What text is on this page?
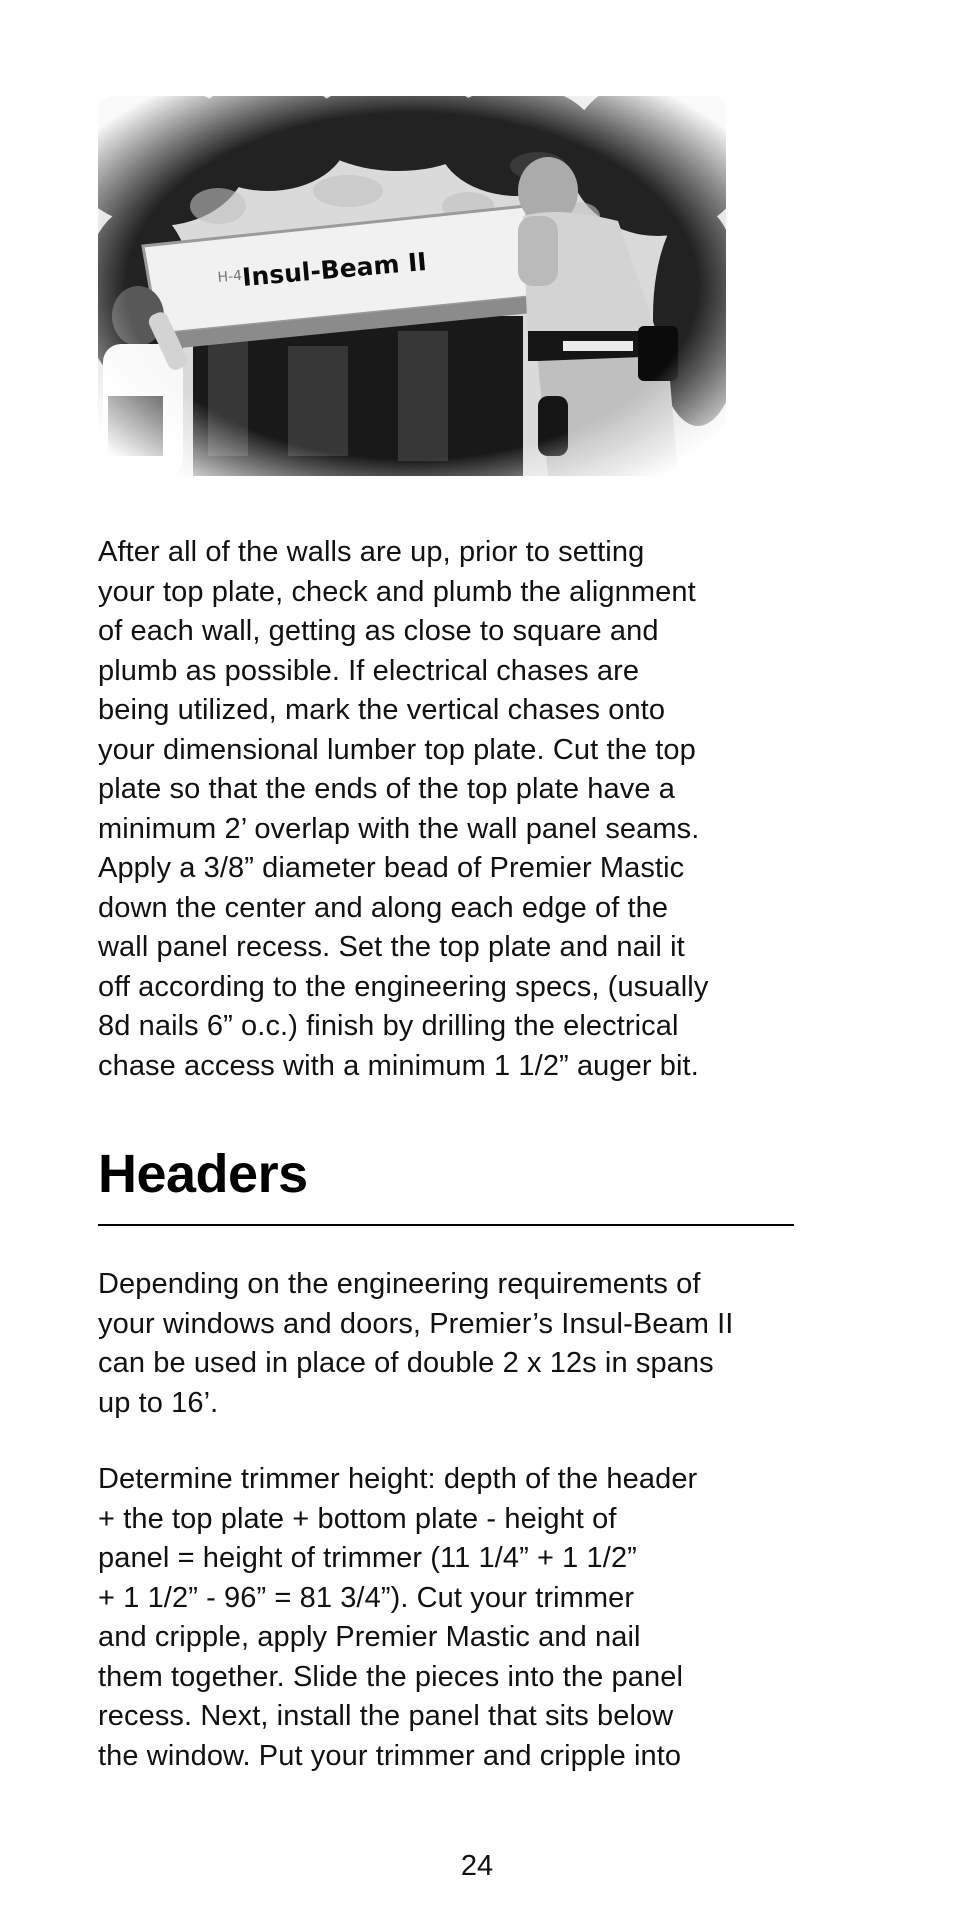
After all of the walls are up, prior to setting
your top plate, check and plumb the alignment
of each wall, getting as close to square and
plumb as possible. If electrical chases are
being utilized, mark the vertical chases onto
your dimensional lumber top plate. Cut the top
plate so that the ends of the top plate have a
minimum 2’ overlap with the wall panel seams.
Apply a 3/8” diameter bead of Premier Mastic
down the center and along each edge of the
wall panel recess. Set the top plate and nail it
off according to the engineering specs, (usually
8d nails 6” o.c.) finish by drilling the electrical
chase access with a minimum 1 1/2” auger bit.

Headers

Depending on the engineering requirements of
your windows and doors, Premier’s Insul-Beam II
can be used in place of double 2 x 12s in spans
up to 16’.

Determine trimmer height: depth of the header
+ the top plate + bottom plate - height of
panel = height of trimmer (11 1/4” + 1 1/2”
+ 1 1/2” - 96” = 81 3/4”). Cut your trimmer
and cripple, apply Premier Mastic and nail
them together. Slide the pieces into the panel
recess. Next, install the panel that sits below
the window. Put your trimmer and cripple into

24
